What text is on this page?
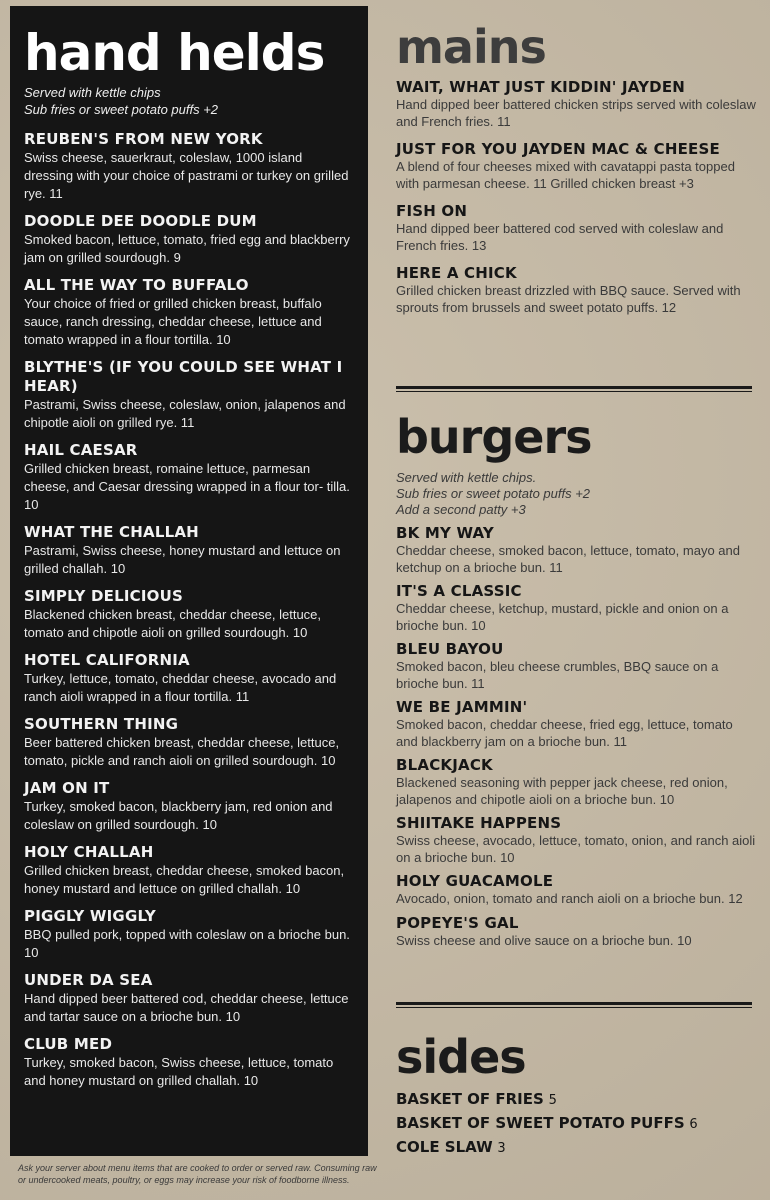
hand helds
Served with kettle chips
Sub fries or sweet potato puffs +2
REUBEN'S FROM NEW YORK
Swiss cheese, sauerkraut, coleslaw, 1000 island dressing with your choice of pastrami or turkey on grilled rye. 11
DOODLE DEE DOODLE DUM
Smoked bacon, lettuce, tomato, fried egg and blackberry jam on grilled sourdough. 9
ALL THE WAY TO BUFFALO
Your choice of fried or grilled chicken breast, buffalo sauce, ranch dressing, cheddar cheese, lettuce and tomato wrapped in a flour tortilla. 10
BLYTHE'S (IF YOU COULD SEE WHAT I HEAR)
Pastrami, Swiss cheese, coleslaw, onion, jalapenos and chipotle aioli on grilled rye. 11
HAIL CAESAR
Grilled chicken breast, romaine lettuce, parmesan cheese, and Caesar dressing wrapped in a flour tor- tilla. 10
WHAT THE CHALLAH
Pastrami, Swiss cheese, honey mustard and lettuce on grilled challah. 10
SIMPLY DELICIOUS
Blackened chicken breast, cheddar cheese, lettuce, tomato and chipotle aioli on grilled sourdough. 10
HOTEL CALIFORNIA
Turkey, lettuce, tomato, cheddar cheese, avocado and ranch aioli wrapped in a flour tortilla. 11
SOUTHERN THING
Beer battered chicken breast, cheddar cheese, lettuce, tomato, pickle and ranch aioli on grilled sourdough. 10
JAM ON IT
Turkey, smoked bacon, blackberry jam, red onion and coleslaw on grilled sourdough. 10
HOLY CHALLAH
Grilled chicken breast, cheddar cheese, smoked bacon, honey mustard and lettuce on grilled challah. 10
PIGGLY WIGGLY
BBQ pulled pork, topped with coleslaw on a brioche bun. 10
UNDER DA SEA
Hand dipped beer battered cod, cheddar cheese, lettuce and tartar sauce on a brioche bun. 10
CLUB MED
Turkey, smoked bacon, Swiss cheese, lettuce, tomato and honey mustard on grilled challah. 10
Ask your server about menu items that are cooked to order or served raw. Consuming raw or undercooked meats, poultry, or eggs may increase your risk of foodborne illness.
mains
WAIT, WHAT JUST KIDDIN' JAYDEN
Hand dipped beer battered chicken strips served with coleslaw and French fries. 11
JUST FOR YOU JAYDEN MAC & CHEESE
A blend of four cheeses mixed with cavatappi pasta topped with parmesan cheese. 11 Grilled chicken breast +3
FISH ON
Hand dipped beer battered cod served with coleslaw and French fries. 13
HERE A CHICK
Grilled chicken breast drizzled with BBQ sauce. Served with sprouts from brussels and sweet potato puffs. 12
burgers
Served with kettle chips.
Sub fries or sweet potato puffs +2
Add a second patty +3
BK MY WAY
Cheddar cheese, smoked bacon, lettuce, tomato, mayo and ketchup on a brioche bun. 11
IT'S A CLASSIC
Cheddar cheese, ketchup, mustard, pickle and onion on a brioche bun. 10
BLEU BAYOU
Smoked bacon, bleu cheese crumbles, BBQ sauce on a brioche bun. 11
WE BE JAMMIN'
Smoked bacon, cheddar cheese, fried egg, lettuce, tomato and blackberry jam on a brioche bun. 11
BLACKJACK
Blackened seasoning with pepper jack cheese, red onion, jalapenos and chipotle aioli on a brioche bun. 10
SHIITAKE HAPPENS
Swiss cheese, avocado, lettuce, tomato, onion, and ranch aioli on a brioche bun. 10
HOLY GUACAMOLE
Avocado, onion, tomato and ranch aioli on a brioche bun. 12
POPEYE'S GAL
Swiss cheese and olive sauce on a brioche bun. 10
sides
BASKET OF FRIES 5
BASKET OF SWEET POTATO PUFFS 6
COLE SLAW 3
